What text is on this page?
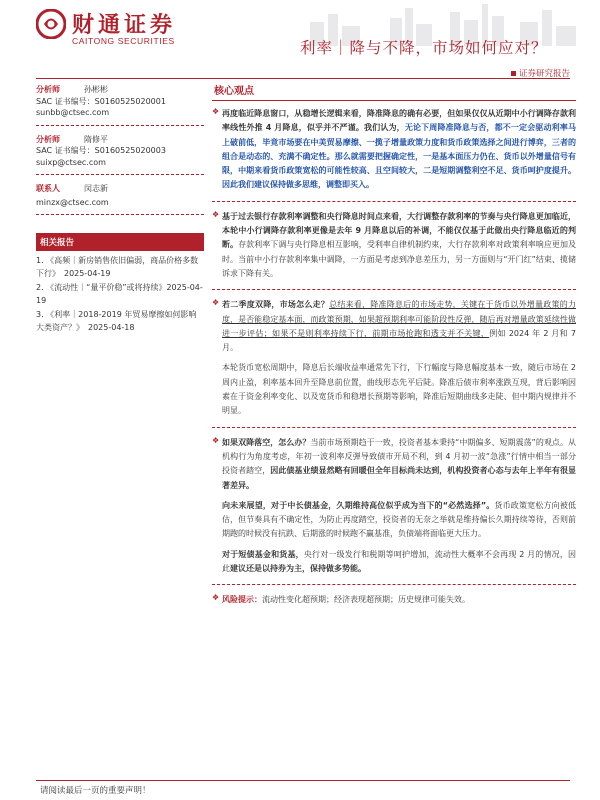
财通证券
CAITONG SECURITIES	利率｜降与不降，市场如何应对？
证券研究报告
分析师	孙彬彬
SAC 证书编号：S0160525020001
sunbb@ctsec.com
分析师	隋修平
SAC 证书编号：S0160525020003
suixp@ctsec.com
联系人	闵志新
minzx@ctsec.com
相关报告
1. 《高频｜新房销售依旧偏弱，商品价格多数下行》　2025-04-19
2. 《流动性｜“量平价稳”或将持续》2025-04-19
3. 《利率｜2018-2019 年贸易摩擦如何影响大类资产？》　2025-04-18
核心观点
❖ 再度临近降息窗口，从稳增长逻辑来看，降准降息的确有必要，但如果仅仅从近期中小行调降存款利率线性外推 4 月降息，似乎并不严谨。我们认为，无论下周降准降息与否，都不一定会驱动利率马上破前低，毕竟市场要在中美贸易摩擦、一揽子增量政策力度和货币政策选择之间进行博弈，三者的组合是动态的、充满不确定性。那么就需要把握确定性，一是基本面压力仍在、货币以外增量信号有限，中期来看货币政策宽松的可能性较高、且空间较大，二是短期调整利空不足、货币呵护度提升。因此我们建议保持做多思维，调整即买入。

❖ 基于过去银行存款利率调整和央行降息时间点来看，大行调整存款利率的节奏与央行降息更加临近，本轮中小行调降存款利率更像是去年 9 月降息以后的补调，不能仅仅基于此做出央行降息临近的判断。存款利率下调与央行降息相互影响，受利率自律机制约束，大行存款利率对政策利率响应更加及时。当前中小行存款利率集中调降，一方面是考虑到净息差压力，另一方面则与“开门红”结束、揽储诉求下降有关。

❖ 若二季度双降，市场怎么走？总结来看，降准降息后的市场走势，关键在于货币以外增量政策的力度，是否能稳定基本面，而政策预期，如果超预期利率可能阶段性反弹，随后再对增量政策延续性做进一步评估；如果不是则利率持续下行，前期市场抢跑和透支并不关键，例如 2024 年 2 月和 7 月。

本轮货币宽松周期中，降息后长端收益率通常先下行，下行幅度与降息幅度基本一致，随后市场在 2 周内止盈，利率基本回升至降息前位置，曲线形态先平后陡。降准后债市利率涨跌互现，背后影响因素在于资金利率变化、以及宽货币和稳增长预期等影响，降准后短期曲线多走陡、但中期内规律并不明显。

❖ 如果双降落空，怎么办？当前市场预期趋于一致，投资者基本秉持“中期偏多、短期震荡”的观点。从机构行为角度考虑，年初一波利率反弹导致债市开局不利，到 4 月初一波“急涨”行情中相当一部分投资者踏空，因此债基业绩显然略有回暖但全年目标尚未达到，机构投资者心态与去年上半年有很显著差异。

向未来展望，对于中长债基金，久期维持高位似乎成为当下的“必然选择”。货币政策宽松方向被低估，但节奏具有不确定性，为防止再度踏空，投资者的无奈之举就是维持偏长久期持续等待，否则前期跑的时候没有抗跌、后期涨的时候跑不赢基准，负债端将面临更大压力。

对于短债基金和货基，央行对一级发行和税期等呵护增加，流动性大概率不会再现 2 月的情况，因此建议还是以持券为主，保持做多势能。

❖ 风险提示：流动性变化超预期；经济表现超预期；历史规律可能失效。

请阅读最后一页的重要声明！
